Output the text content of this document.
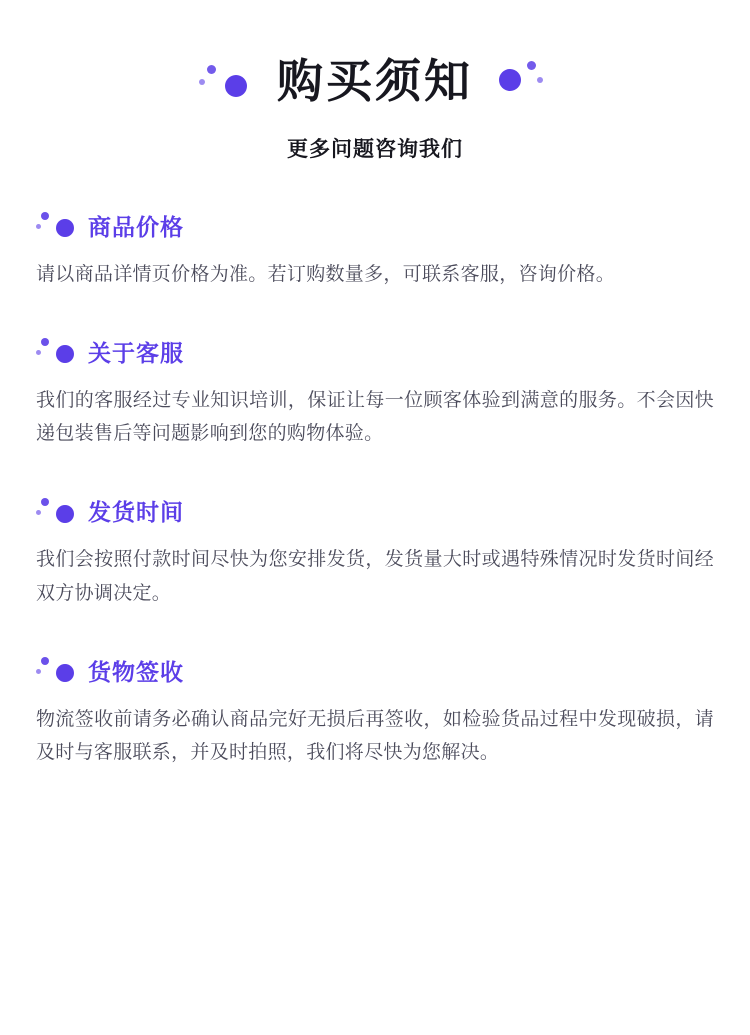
购买须知
更多问题咨询我们
商品价格
请以商品详情页价格为准。若订购数量多，可联系客服，咨询价格。
关于客服
我们的客服经过专业知识培训，保证让每一位顾客体验到满意的服务。不会因快递包装售后等问题影响到您的购物体验。
发货时间
我们会按照付款时间尽快为您安排发货，发货量大时或遇特殊情况时发货时间经双方协调决定。
货物签收
物流签收前请务必确认商品完好无损后再签收，如检验货品过程中发现破损，请及时与客服联系，并及时拍照，我们将尽快为您解决。
